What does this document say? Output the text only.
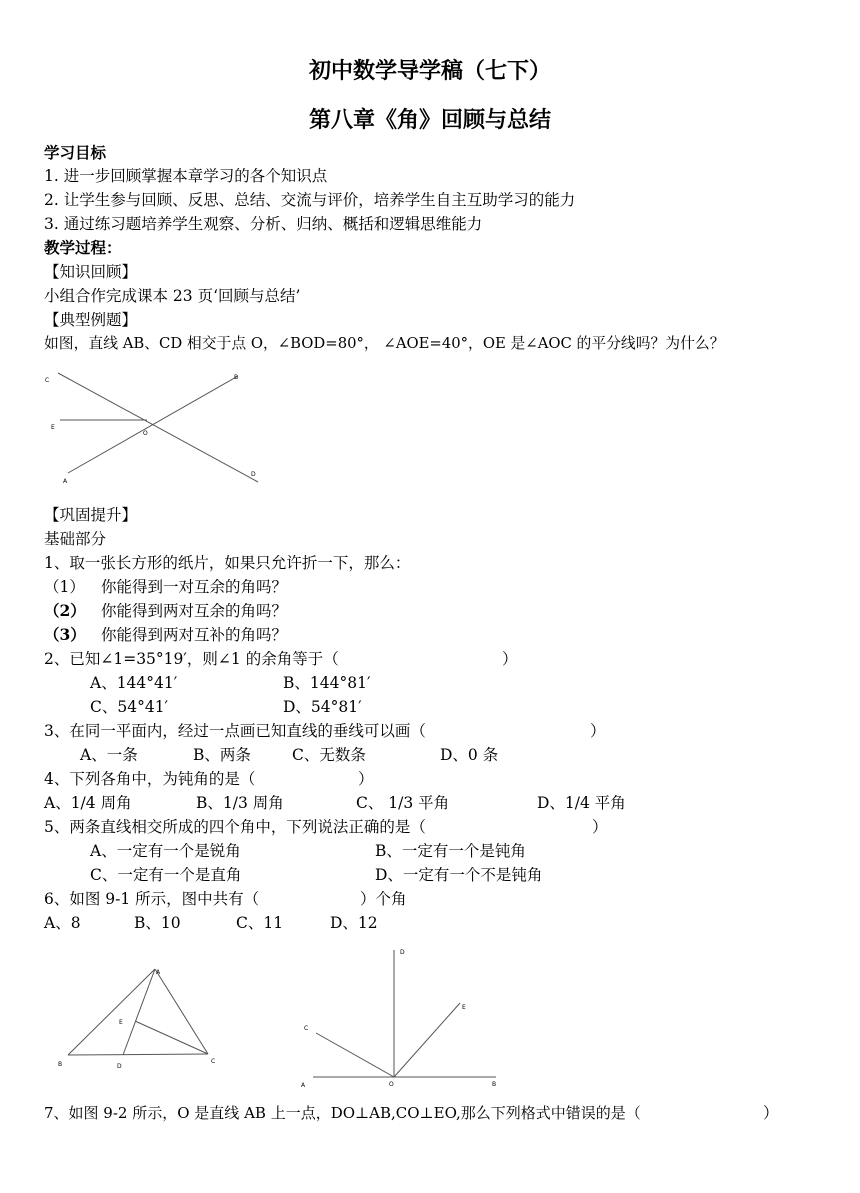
初中数学导学稿（七下）
第八章《角》回顾与总结
学习目标
1. 进一步回顾掌握本章学习的各个知识点
2. 让学生参与回顾、反思、总结、交流与评价，培养学生自主互助学习的能力
3. 通过练习题培养学生观察、分析、归纳、概括和逻辑思维能力
教学过程：
【知识回顾】
小组合作完成课本 23 页‘回顾与总结’
【典型例题】
如图，直线 AB、CD 相交于点 O，∠BOD=80°， ∠AOE=40°，OE 是∠AOC 的平分线吗？为什么？
C	B
E
O
A
D
【巩固提升】
基础部分
1、取一张长方形的纸片，如果只允许折一下，那么：
（1） 你能得到一对互余的角吗？
（2） 你能得到两对互余的角吗？
（3） 你能得到两对互补的角吗？
2、已知∠1=35°19′，则∠1 的余角等于（	）
A、144°41′	B、144°81′
C、54°41′	D、54°81′
3、在同一平面内，经过一点画已知直线的垂线可以画（	）
A、一条	B、两条	C、无数条	D、0 条
4、下列各角中，为钝角的是（	）
A、1/4 周角	B、1/3 周角	C、 1/3 平角	D、1/4 平角
5、两条直线相交所成的四个角中，下列说法正确的是（	）
A、一定有一个是锐角	B、一定有一个是钝角
C、一定有一个是直角	D、一定有一个不是钝角
6、如图 9-1 所示，图中共有（	）个角
A、8	B、10	C、11	D、12
A
E
B	D
C
D
E
C
A	O	B
7、如图 9-2 所示，O 是直线 AB 上一点，DO⊥AB,CO⊥EO,那么下列格式中错误的是（	）
